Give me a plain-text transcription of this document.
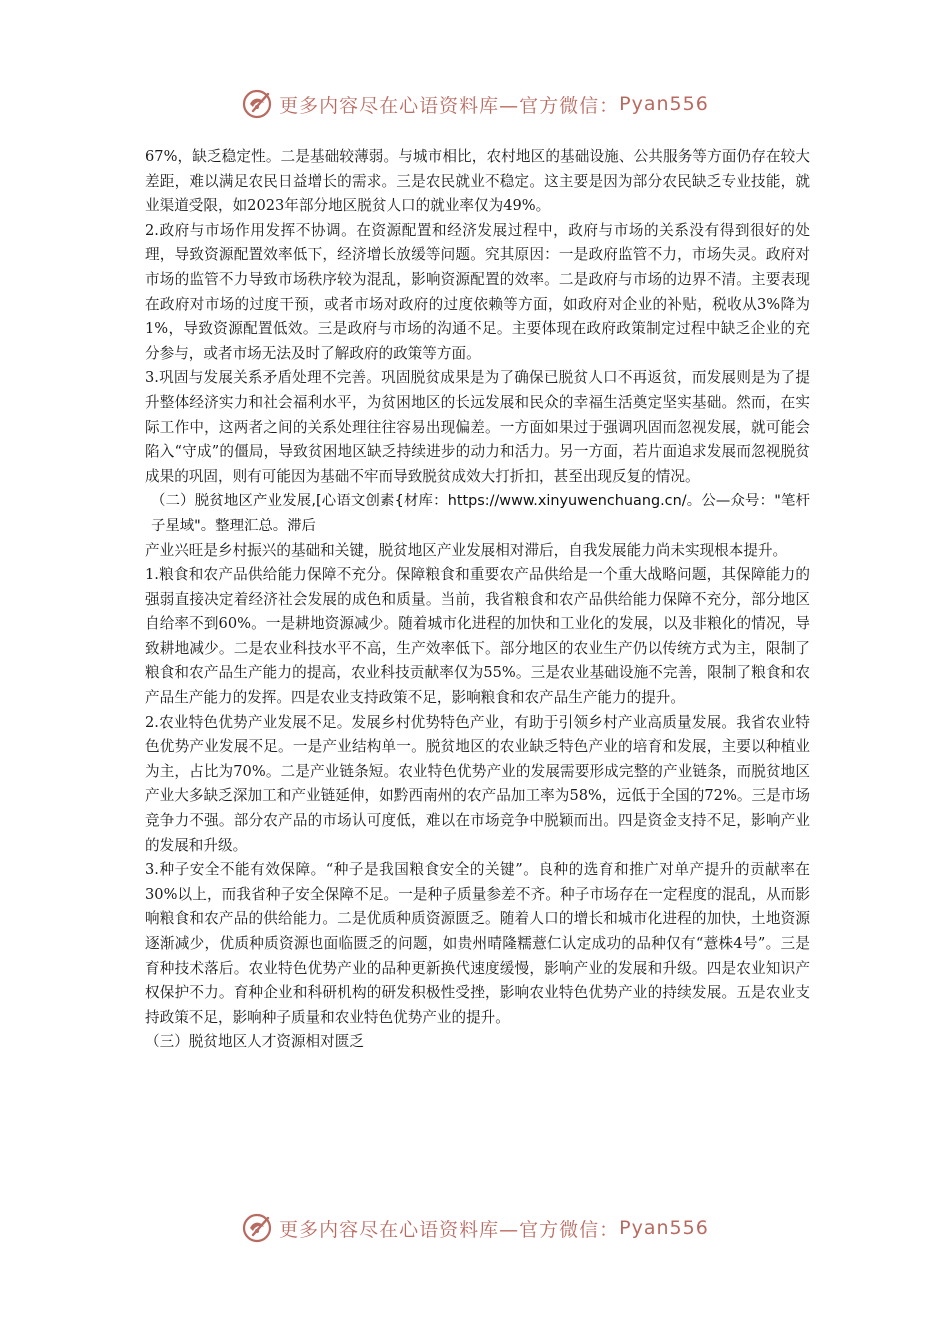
更多内容尽在心语资料库—官方微信： Pyan556

67%，缺乏稳定性。二是基础较薄弱。与城市相比，农村地区的基础设施、公共服务等方面仍存在较大差距，难以满足农民日益增长的需求。三是农民就业不稳定。这主要是因为部分农民缺乏专业技能，就业渠道受限，如2023年部分地区脱贫人口的就业率仅为49%。

2.政府与市场作用发挥不协调。在资源配置和经济发展过程中，政府与市场的关系没有得到很好的处理，导致资源配置效率低下，经济增长放缓等问题。究其原因：一是政府监管不力，市场失灵。政府对市场的监管不力导致市场秩序较为混乱，影响资源配置的效率。二是政府与市场的边界不清。主要表现在政府对市场的过度干预，或者市场对政府的过度依赖等方面，如政府对企业的补贴，税收从3%降为1%，导致资源配置低效。三是政府与市场的沟通不足。主要体现在政府政策制定过程中缺乏企业的充分参与，或者市场无法及时了解政府的政策等方面。

3.巩固与发展关系矛盾处理不完善。巩固脱贫成果是为了确保已脱贫人口不再返贫，而发展则是为了提升整体经济实力和社会福利水平，为贫困地区的长远发展和民众的幸福生活奠定坚实基础。然而，在实际工作中，这两者之间的关系处理往往容易出现偏差。一方面如果过于强调巩固而忽视发展，就可能会陷入“守成”的僵局，导致贫困地区缺乏持续进步的动力和活力。另一方面，若片面追求发展而忽视脱贫成果的巩固，则有可能因为基础不牢而导致脱贫成效大打折扣，甚至出现反复的情况。

（二）脱贫地区产业发展,[心语文创素{材库：https://www.xinyuwenchuang.cn/。公—众号："笔杆子星域"。整理汇总。滞后

产业兴旺是乡村振兴的基础和关键，脱贫地区产业发展相对滞后，自我发展能力尚未实现根本提升。

1.粮食和农产品供给能力保障不充分。保障粮食和重要农产品供给是一个重大战略问题，其保障能力的强弱直接决定着经济社会发展的成色和质量。当前，我省粮食和农产品供给能力保障不充分，部分地区自给率不到60%。一是耕地资源减少。随着城市化进程的加快和工业化的发展，以及非粮化的情况，导致耕地减少。二是农业科技水平不高，生产效率低下。部分地区的农业生产仍以传统方式为主，限制了粮食和农产品生产能力的提高，农业科技贡献率仅为55%。三是农业基础设施不完善，限制了粮食和农产品生产能力的发挥。四是农业支持政策不足，影响粮食和农产品生产能力的提升。

2.农业特色优势产业发展不足。发展乡村优势特色产业，有助于引领乡村产业高质量发展。我省农业特色优势产业发展不足。一是产业结构单一。脱贫地区的农业缺乏特色产业的培育和发展，主要以种植业为主，占比为70%。二是产业链条短。农业特色优势产业的发展需要形成完整的产业链条，而脱贫地区产业大多缺乏深加工和产业链延伸，如黔西南州的农产品加工率为58%，远低于全国的72%。三是市场竞争力不强。部分农产品的市场认可度低，难以在市场竞争中脱颖而出。四是资金支持不足，影响产业的发展和升级。

3.种子安全不能有效保障。“种子是我国粮食安全的关键”。良种的选育和推广对单产提升的贡献率在30%以上，而我省种子安全保障不足。一是种子质量参差不齐。种子市场存在一定程度的混乱，从而影响粮食和农产品的供给能力。二是优质种质资源匮乏。随着人口的增长和城市化进程的加快，土地资源逐渐减少，优质种质资源也面临匮乏的问题，如贵州晴隆糯薏仁认定成功的品种仅有“薏株4号”。三是育种技术落后。农业特色优势产业的品种更新换代速度缓慢，影响产业的发展和升级。四是农业知识产权保护不力。育种企业和科研机构的研发积极性受挫，影响农业特色优势产业的持续发展。五是农业支持政策不足，影响种子质量和农业特色优势产业的提升。

（三）脱贫地区人才资源相对匮乏

更多内容尽在心语资料库—官方微信： Pyan556
